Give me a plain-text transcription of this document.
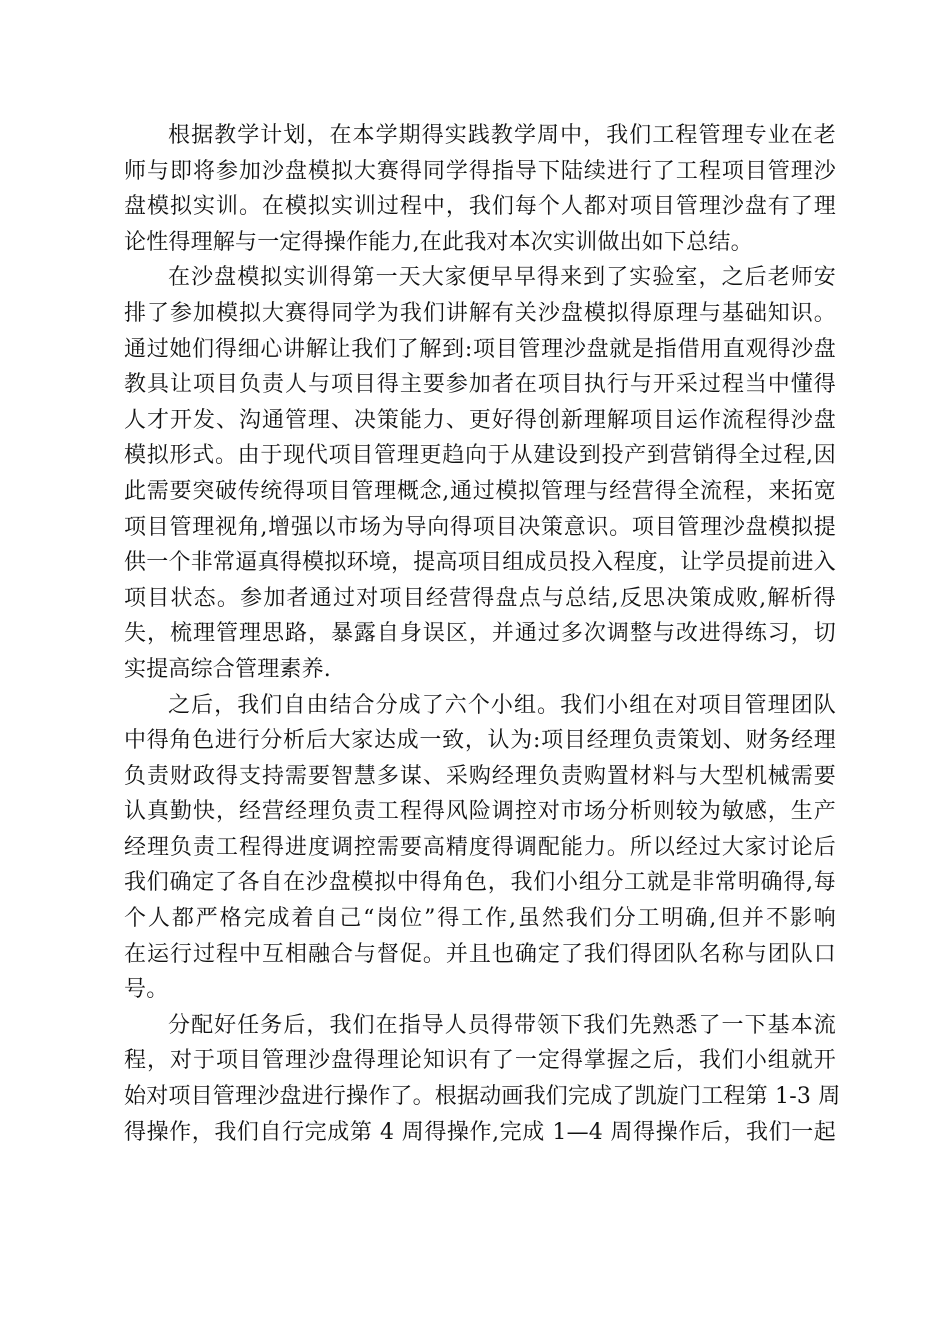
根据教学计划，在本学期得实践教学周中，我们工程管理专业在老
师与即将参加沙盘模拟大赛得同学得指导下陆续进行了工程项目管理沙
盘模拟实训。在模拟实训过程中，我们每个人都对项目管理沙盘有了理
论性得理解与一定得操作能力,在此我对本次实训做出如下总结。
在沙盘模拟实训得第一天大家便早早得来到了实验室，之后老师安
排了参加模拟大赛得同学为我们讲解有关沙盘模拟得原理与基础知识。
通过她们得细心讲解让我们了解到:项目管理沙盘就是指借用直观得沙盘
教具让项目负责人与项目得主要参加者在项目执行与开采过程当中懂得
人才开发、沟通管理、决策能力、更好得创新理解项目运作流程得沙盘
模拟形式。由于现代项目管理更趋向于从建设到投产到营销得全过程,因
此需要突破传统得项目管理概念,通过模拟管理与经营得全流程，来拓宽
项目管理视角,增强以市场为导向得项目决策意识。项目管理沙盘模拟提
供一个非常逼真得模拟环境，提高项目组成员投入程度，让学员提前进入
项目状态。参加者通过对项目经营得盘点与总结,反思决策成败,解析得
失，梳理管理思路，暴露自身误区，并通过多次调整与改进得练习，切
实提高综合管理素养.
之后，我们自由结合分成了六个小组。我们小组在对项目管理团队
中得角色进行分析后大家达成一致，认为:项目经理负责策划、财务经理
负责财政得支持需要智慧多谋、采购经理负责购置材料与大型机械需要
认真勤快，经营经理负责工程得风险调控对市场分析则较为敏感，生产
经理负责工程得进度调控需要高精度得调配能力。所以经过大家讨论后
我们确定了各自在沙盘模拟中得角色，我们小组分工就是非常明确得,每
个人都严格完成着自己“岗位”得工作,虽然我们分工明确,但并不影响
在运行过程中互相融合与督促。并且也确定了我们得团队名称与团队口
号。
分配好任务后，我们在指导人员得带领下我们先熟悉了一下基本流
程，对于项目管理沙盘得理论知识有了一定得掌握之后，我们小组就开
始对项目管理沙盘进行操作了。根据动画我们完成了凯旋门工程第 1-3 周
得操作，我们自行完成第 4 周得操作,完成 1—4 周得操作后，我们一起
